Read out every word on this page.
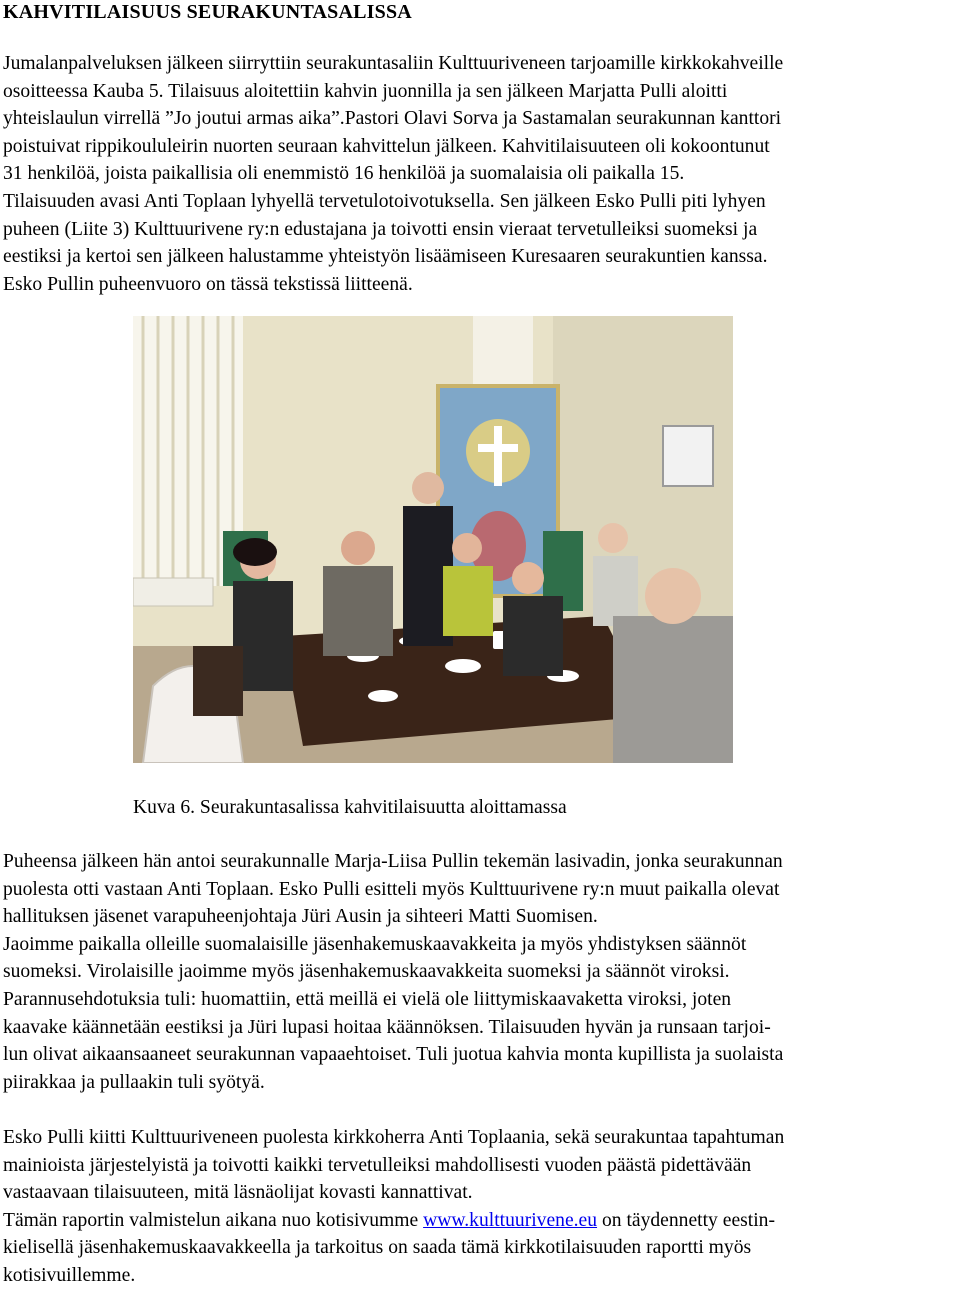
KAHVITILAISUUS SEURAKUNTASALISSA
Jumalanpalveluksen jälkeen siirryttiin seurakuntasaliin Kulttuuriveneen tarjoamille kirkkokahveille
osoitteessa Kauba 5. Tilaisuus aloitettiin kahvin juonnilla ja sen jälkeen Marjatta Pulli aloitti
yhteislaulun virrellä ”Jo joutui armas aika”.Pastori Olavi Sorva ja Sastamalan seurakunnan kanttori
poistuivat rippikoululeirin nuorten seuraan kahvittelun jälkeen. Kahvitilaisuuteen oli kokoontunut
31 henkilöä, joista paikallisia oli enemmistö 16 henkilöä ja suomalaisia oli paikalla 15.
Tilaisuuden avasi Anti Toplaan lyhyellä tervetulotoivotuksella. Sen jälkeen Esko Pulli piti lyhyen
puheen (Liite 3) Kulttuurivene ry:n edustajana ja toivotti ensin vieraat tervetulleiksi suomeksi ja
eestiksi ja kertoi sen jälkeen halustamme yhteistyön lisäämiseen Kuresaaren seurakuntien kanssa.
Esko Pullin puheenvuoro on tässä tekstissä liitteenä.

Kuva 6. Seurakuntasalissa kahvitilaisuutta aloittamassa

Puheensa jälkeen hän antoi seurakunnalle Marja-Liisa Pullin tekemän lasivadin, jonka seurakunnan
puolesta otti vastaan Anti Toplaan. Esko Pulli esitteli myös Kulttuurivene ry:n muut paikalla olevat
hallituksen jäsenet varapuheenjohtaja Jüri Ausin ja sihteeri Matti Suomisen.
Jaoimme paikalla olleille suomalaisille jäsenhakemuskaavakkeita ja myös yhdistyksen säännöt
suomeksi. Virolaisille jaoimme myös jäsenhakemuskaavakkeita suomeksi ja säännöt viroksi.
Parannusehdotuksia tuli: huomattiin, että meillä ei vielä ole liittymiskaavaketta viroksi, joten
kaavake käännetään eestiksi ja Jüri lupasi hoitaa käännöksen. Tilaisuuden hyvän ja runsaan tarjoi-
lun olivat aikaansaaneet seurakunnan vapaaehtoiset. Tuli juotua kahvia monta kupillista ja suolaista
piirakkaa ja pullaakin tuli syötyä.
Esko Pulli kiitti Kulttuuriveneen puolesta kirkkoherra Anti Toplaania, sekä seurakuntaa tapahtuman
mainioista järjestelyistä ja toivotti kaikki tervetulleiksi mahdollisesti vuoden päästä pidettävään
vastaavaan tilaisuuteen, mitä läsnäolijat kovasti kannattivat.
Tämän raportin valmistelun aikana nuo kotisivumme www.kulttuurivene.eu on täydennetty eestin-
kielisellä jäsenhakemuskaavakkeella ja tarkoitus on saada tämä kirkkotilaisuuden raportti myös
kotisivuillemme.
